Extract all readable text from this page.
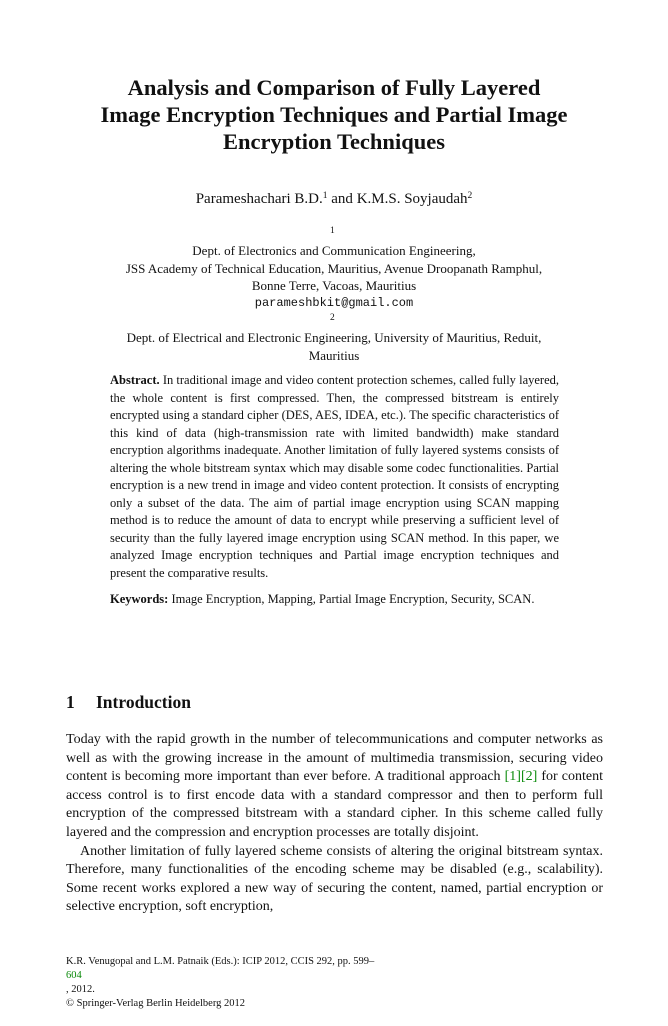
Analysis and Comparison of Fully Layered
Image Encryption Techniques and Partial Image
Encryption Techniques
Parameshachari B.D.$^1$ and K.M.S. Soyjaudah$^2$
$^1$
Dept. of Electronics and Communication Engineering,
JSS Academy of Technical Education, Mauritius, Avenue Droopanath Ramphul,
Bonne Terre, Vacoas, Mauritius
parameshbkit@gmail.com
$^2$
Dept. of Electrical and Electronic Engineering, University of Mauritius, Reduit,
Mauritius

Abstract. In traditional image and video content protection schemes, called fully layered, the whole content is first compressed. Then, the compressed bitstream is entirely encrypted using a standard cipher (DES, AES, IDEA, etc.). The specific characteristics of this kind of data (high-transmission rate with limited bandwidth) make standard encryption algorithms inadequate. Another limitation of fully layered systems consists of altering the whole bitstream syntax which may disable some codec functionalities. Partial encryption is a new trend in image and video content protection. It consists of encrypting only a subset of the data. The aim of partial image encryption using SCAN mapping method is to reduce the amount of data to encrypt while preserving a sufficient level of security than the fully layered image encryption using SCAN method. In this paper, we analyzed Image encryption techniques and Partial image encryption techniques and present the comparative results.

Keywords: Image Encryption, Mapping, Partial Image Encryption, Security, SCAN.

1 Introduction

Today with the rapid growth in the number of telecommunications and computer networks as well as with the growing increase in the amount of multimedia transmission, securing video content is becoming more important than ever before. A traditional approach [1][2] for content access control is to first encode data with a standard compressor and then to perform full encryption of the compressed bitstream with a standard cipher. In this scheme called fully layered and the compression and encryption processes are totally disjoint.

Another limitation of fully layered scheme consists of altering the original bitstream syntax. Therefore, many functionalities of the encoding scheme may be disabled (e.g., scalability). Some recent works explored a new way of securing the content, named, partial encryption or selective encryption, soft encryption,

K.R. Venugopal and L.M. Patnaik (Eds.): ICIP 2012, CCIS 292, pp. 599–
604
, 2012.
© Springer-Verlag Berlin Heidelberg 2012
